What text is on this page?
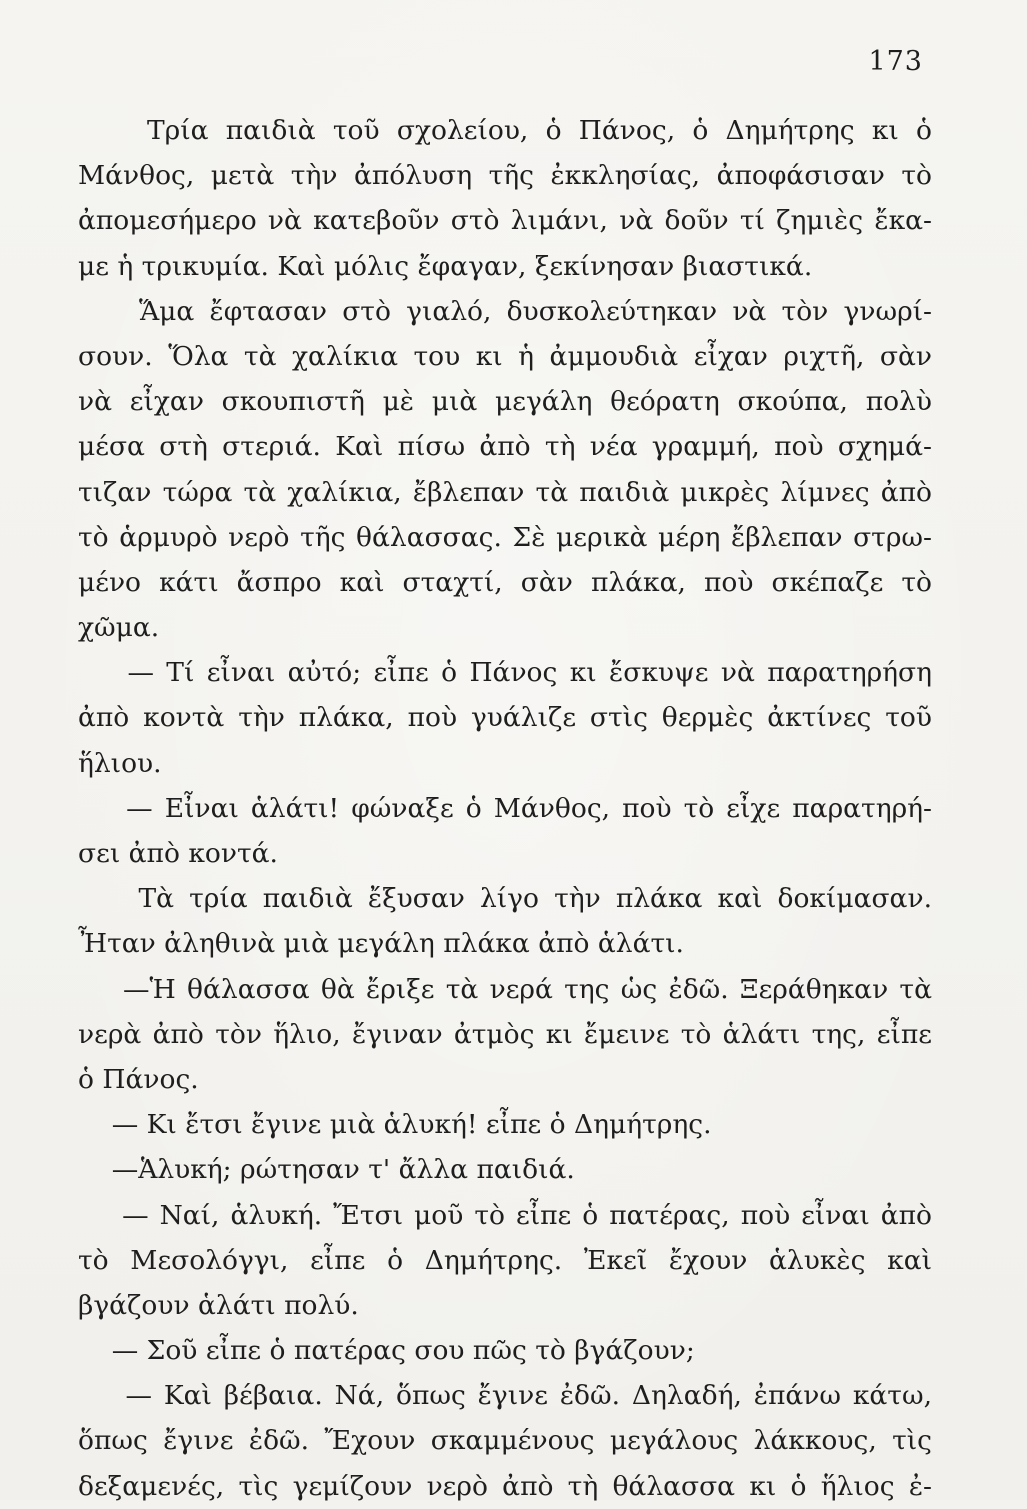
173
Τρία παιδιὰ τοῦ σχολείου, ὁ Πάνος, ὁ Δημήτρης κι ὁ
Μάνθος, μετὰ τὴν ἀπόλυση τῆς ἐκκλησίας, ἀποφάσισαν τὸ
ἀπομεσήμερο νὰ κατεβοῦν στὸ λιμάνι, νὰ δοῦν τί ζημιὲς ἔκα-
με ἡ τρικυμία. Καὶ μόλις ἔφαγαν, ξεκίνησαν βιαστικά.
Ἅμα ἔφτασαν στὸ γιαλό, δυσκολεύτηκαν νὰ τὸν γνωρί-
σουν. Ὅλα τὰ χαλίκια του κι ἡ ἀμμουδιὰ εἶχαν ριχτῆ, σὰν
νὰ εἶχαν σκουπιστῆ μὲ μιὰ μεγάλη θεόρατη σκούπα, πολὺ
μέσα στὴ στεριά. Καὶ πίσω ἀπὸ τὴ νέα γραμμή, ποὺ σχημά-
τιζαν τώρα τὰ χαλίκια, ἔβλεπαν τὰ παιδιὰ μικρὲς λίμνες ἀπὸ
τὸ ἁρμυρὸ νερὸ τῆς θάλασσας. Σὲ μερικὰ μέρη ἔβλεπαν στρω-
μένο κάτι ἄσπρο καὶ σταχτί, σὰν πλάκα, ποὺ σκέπαζε τὸ
χῶμα.
— Τί εἶναι αὐτό; εἶπε ὁ Πάνος κι ἔσκυψε νὰ παρατηρήση
ἀπὸ κοντὰ τὴν πλάκα, ποὺ γυάλιζε στὶς θερμὲς ἀκτίνες τοῦ
ἥλιου.
— Εἶναι ἁλάτι! φώναξε ὁ Μάνθος, ποὺ τὸ εἶχε παρατηρή-
σει ἀπὸ κοντά.
Τὰ τρία παιδιὰ ἔξυσαν λίγο τὴν πλάκα καὶ δοκίμασαν.
Ἦταν ἀληθινὰ μιὰ μεγάλη πλάκα ἀπὸ ἁλάτι.
—Ἡ θάλασσα θὰ ἔριξε τὰ νερά της ὡς ἐδῶ. Ξεράθηκαν τὰ
νερὰ ἀπὸ τὸν ἥλιο, ἔγιναν ἀτμὸς κι ἔμεινε τὸ ἁλάτι της, εἶπε
ὁ Πάνος.
— Κι ἔτσι ἔγινε μιὰ ἁλυκή! εἶπε ὁ Δημήτρης.
—Ἁλυκή; ρώτησαν τ' ἄλλα παιδιά.
— Ναί, ἁλυκή. Ἔτσι μοῦ τὸ εἶπε ὁ πατέρας, ποὺ εἶναι ἀπὸ
τὸ Μεσολόγγι, εἶπε ὁ Δημήτρης. Ἐκεῖ ἔχουν ἁλυκὲς καὶ
βγάζουν ἁλάτι πολύ.
— Σοῦ εἶπε ὁ πατέρας σου πῶς τὸ βγάζουν;
— Καὶ βέβαια. Νά, ὅπως ἔγινε ἐδῶ. Δηλαδή, ἐπάνω κάτω,
ὅπως ἔγινε ἐδῶ. Ἔχουν σκαμμένους μεγάλους λάκκους, τὶς
δεξαμενές, τὶς γεμίζουν νερὸ ἀπὸ τὴ θάλασσα κι ὁ ἥλιος ἐ-
